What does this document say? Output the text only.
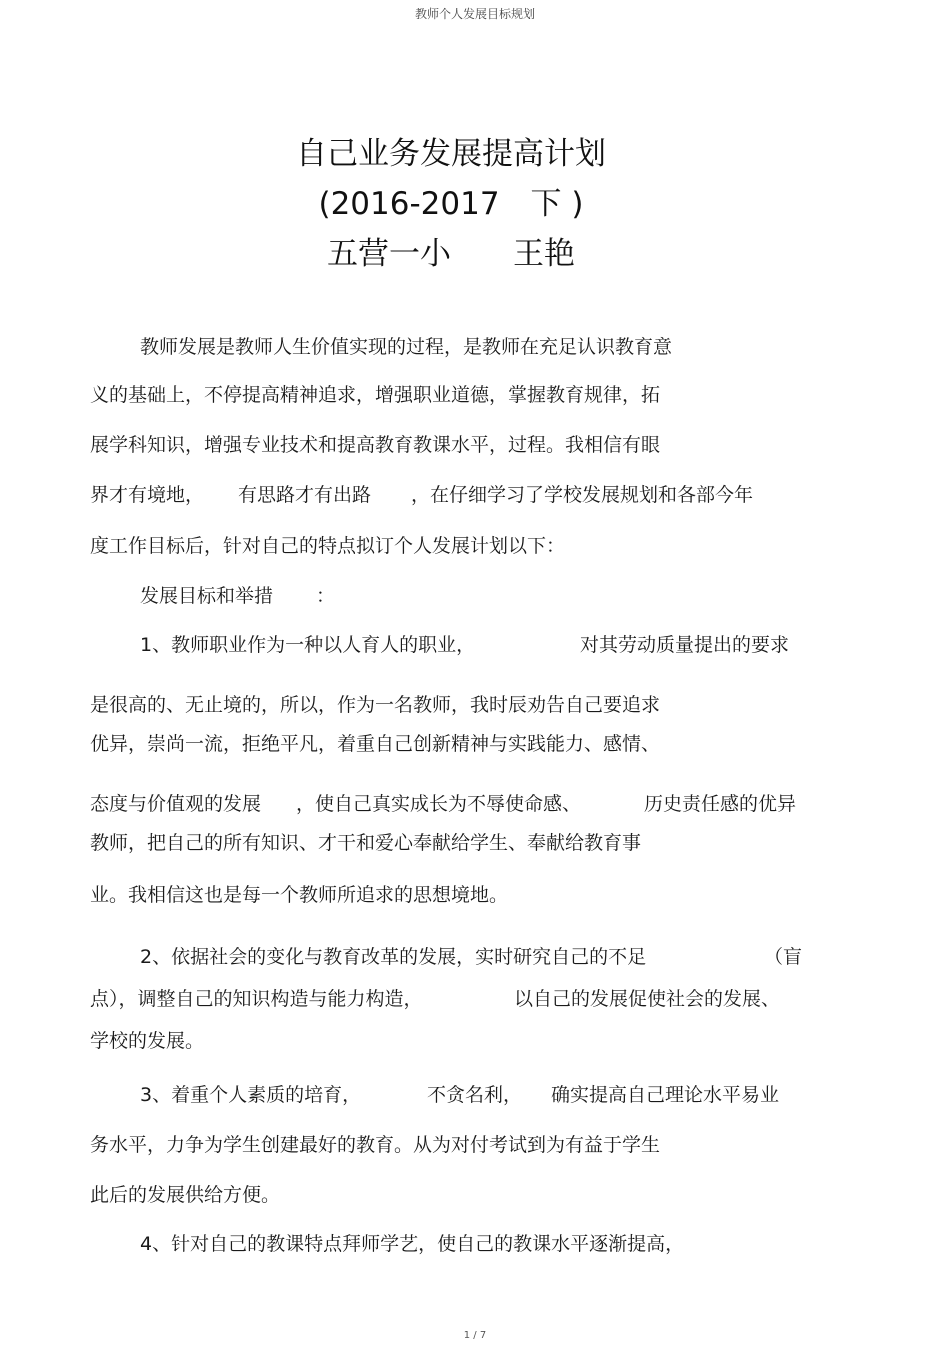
教师个人发展目标规划
自己业务发展提高计划
(2016-2017　下 )
五营一小　　王艳
教师发展是教师人生价值实现的过程，是教师在充足认识教育意
义的基础上，不停提高精神追求，增强职业道德，掌握教育规律，拓
展学科知识，增强专业技术和提高教育教课水平，过程。我相信有眼
界才有境地， 有思路才有出路 ，在仔细学习了学校发展规划和各部今年
度工作目标后，针对自己的特点拟订个人发展计划以下：
发展目标和举措 ：
1、教师职业作为一种以人育人的职业，	对其劳动质量提出的要求
是很高的、无止境的，所以，作为一名教师，我时辰劝告自己要追求
优异，崇尚一流，拒绝平凡，着重自己创新精神与实践能力、感情、
态度与价值观的发展 ，使自己真实成长为不辱使命感、	历史责任感的优异
教师，把自己的所有知识、才干和爱心奉献给学生、奉献给教育事
业。我相信这也是每一个教师所追求的思想境地。
2、依据社会的变化与教育改革的发展，实时研究自己的不足	（盲
点），调整自己的知识构造与能力构造，	以自己的发展促使社会的发展、
学校的发展。
3、着重个人素质的培育，	不贪名利， 确实提高自己理论水平易业
务水平，力争为学生创建最好的教育。从为对付考试到为有益于学生
此后的发展供给方便。
4、针对自己的教课特点拜师学艺，使自己的教课水平逐渐提高，
1 / 7
